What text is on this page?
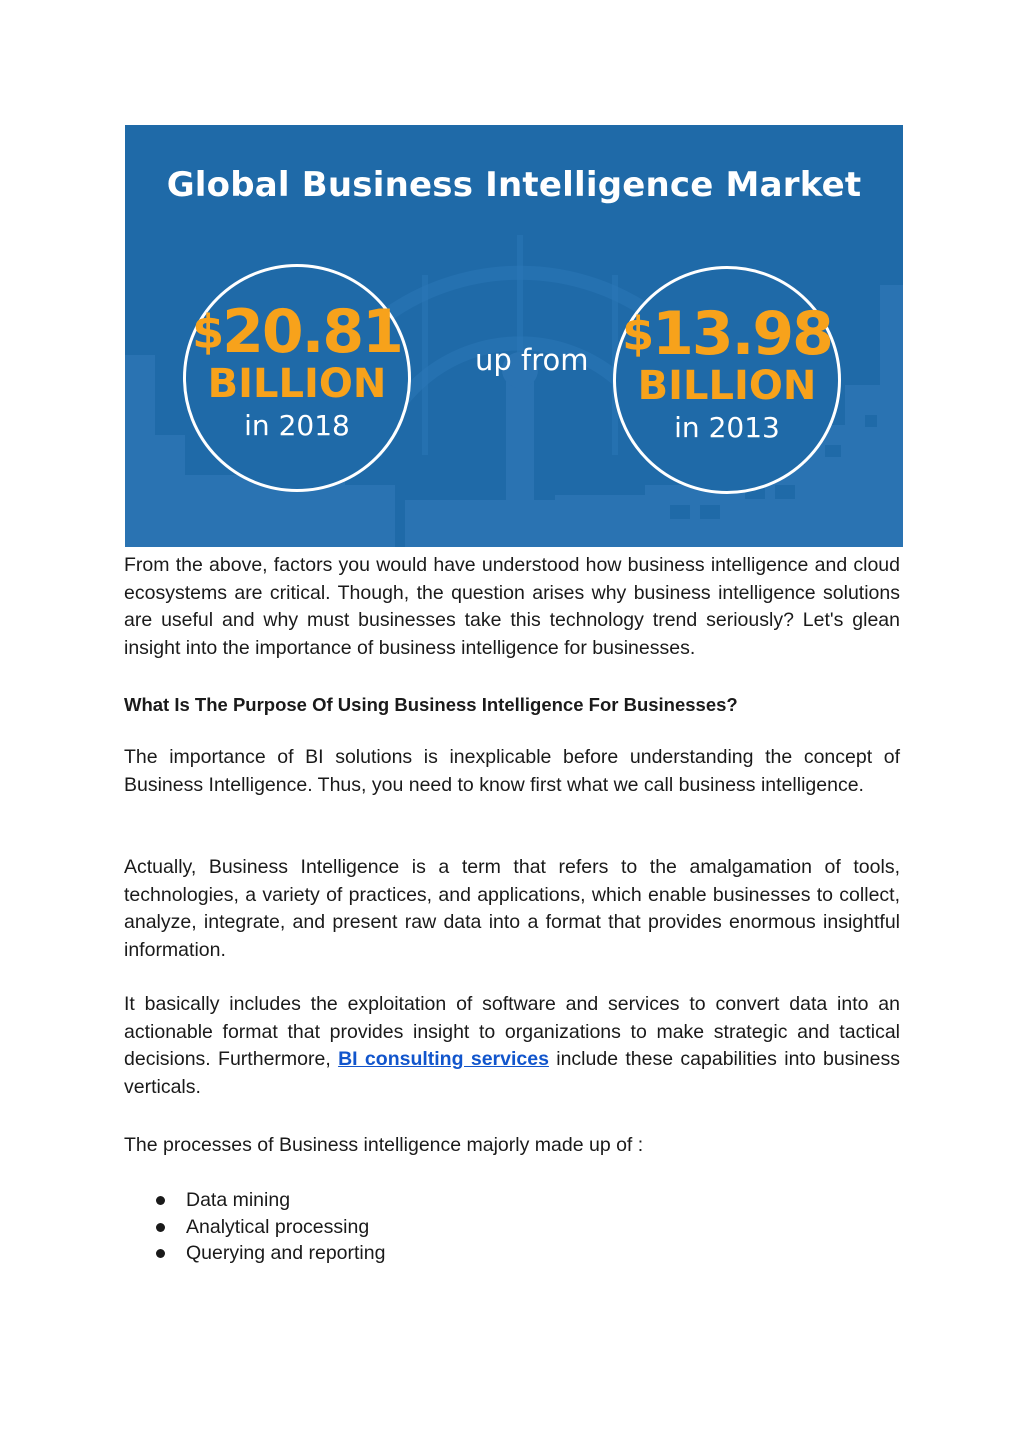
Global Business Intelligence Market
$20.81
BILLION
in 2018
up from $13.98
BILLION
in 2013

From the above, factors you would have understood how business intelligence and cloud ecosystems are critical. Though, the question arises why business intelligence solutions are useful and why must businesses take this technology trend seriously? Let's glean insight into the importance of business intelligence for businesses.

What Is The Purpose Of Using Business Intelligence For Businesses?

The importance of BI solutions is inexplicable before understanding the concept of Business Intelligence. Thus, you need to know first what we call business intelligence.

Actually, Business Intelligence is a term that refers to the amalgamation of tools, technologies, a variety of practices, and applications, which enable businesses to collect, analyze, integrate, and present raw data into a format that provides enormous insightful information.

It basically includes the exploitation of software and services to convert data into an actionable format that provides insight to organizations to make strategic and tactical decisions. Furthermore, BI consulting services include these capabilities into business verticals.

The processes of Business intelligence majorly made up of :

Data mining
Analytical processing
Querying and reporting
